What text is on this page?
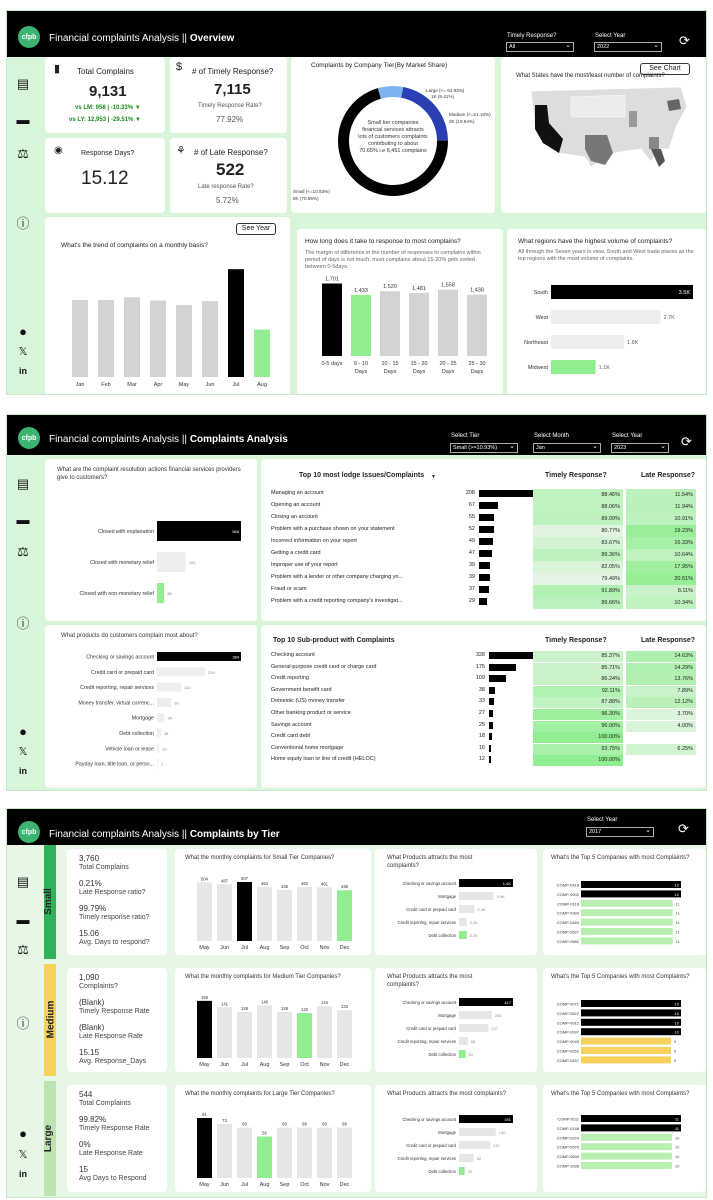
cfpb	Financial complaints Analysis || Overview	Timely Response?
All ⌄
Select Year
2022 ⌄	⟳
▤
▬
⚖
ⓘ
●
𝕏
in
▮ Total Complains
9,131
vs LM: 958 | -10.33% ▼
vs LY: 12,953 | -29.51% ▼
$ # of Timely Response?
7,115
Timely Response Rate?
77.92%
◉	Response Days?
15.12
⚘ # of Late Response?
522
Late response Rate?
5.72%
Complaints by Company Tier(By Market Share)
Large (<= 63.93%)
1K (9.41%)
Medium (<=21.10%)
2K (19.94%)
Small (<=10.93%)
6K (70.65%)
Small tier companies financial services attracts lots of customers complaints contributing to about 70.65% i.e 6,451 complains
See Chart
What States have the most/least number of complaints?
See Year
What's the trend of complaints on a monthly basis?
Jan	Feb	Mar	Apr	May	Jun	Jul	Aug
How long does it take to response to most complains?
The margin of difference in the number of responses to complains within period of days is not much, most complains about 15-20% gets sorted between 0-5days.
1,701
0-5 days
1,433
6 - 10
Days
1,520
10 - 15
Days
1,481
15 - 20
Days
1,558
20 - 25
Days
1,438
25 - 30
Days
What regions have the highest volume of complaints?
All through the Seven years in view, South and West trade places as the top regions with the most volume of complaints.
South	3.5K
West	2.7K
Northeast	1.8K
Midwest	1.1K
cfpb	Financial complaints Analysis || Complaints Analysis	Select Tier
Small (>=10.93%) ⌄
Select Month
Jan ⌄
Select Year
2023 ⌄	⟳
▤
▬
⚖
ⓘ
●
𝕏
in
What are the complaint resolution actions financial services providers give to customers?
Closed with explanation	565
Closed with monetary relief	193
Closed with non-monetary relief	48
What products do customers complain most about?
Checking or savings account	384
Credit card or prepaid card	219
Credit reporting, repair services	110
Money transfer, virtual currenc...	65
Mortgage	34
Debt collection 18
Vehicle loan or lease 10
Payday loan, title loan, or perso... 2
Top 10 most lodge Issues/Complaints ▼	Timely Response?	Late Response?
Managing an account	208	88.46%	11.54%
Opening an account	67	88.06%	11.94%
Closing an account	55	89.09%	10.91%
Problem with a purchase shown on your statement	52	80.77%	19.23%
Incorrect information on your report	49	83.67%	16.33%
Getting a credit card	47	89.36%	10.64%
Improper use of your report	39	82.05%	17.95%
Problem with a lender or other company charging yo...	39	79.49%	20.51%
Fraud or scam	37	91.89%	8.11%
Problem with a credit reporting company's investigat...	29	89.66%	10.34%
Top 10 Sub-product with Complaints	Timely Response?	Late Response?
Checking account	328	85.37%	14.63%
General-purpose credit card or charge card	175	85.71%	14.29%
Credit reporting	109	86.24%	13.76%
Government benefit card	38	92.11%	7.89%
Domestic (US) money transfer	33	87.88%	12.12%
Other banking product or service	27	96.30%	3.70%
Savings account	25	96.00%	4.00%
Credit card debt	18	100.00%
Conventional home mortgage	16	93.75%	6.25%
Home equity loan or line of credit (HELOC)	12	100.00%
cfpb	Financial complaints Analysis || Complaints by Tier
Select Year
2017 ⌄	⟳
▤
▬
⚖
ⓘ
●
𝕏
in
Small
3,760
Total Complains
0.21%
Late Response ratio?
99.79%
Timely response ratio?
15.06
Avg. Days to respond?
What the monthly complaints for Small Tier Companies?
504
May
487
Jun
507
Jul
464
Aug
438
Sep
463
Oct
461
Nov
436
Dec
What Products attracts the most complaints?
Checking or savings account	1.4K
Mortgage	0.9K
Credit card or prepaid card	0.4K
Credit reporting, repair services	0.2K
Debt collection	0.2K
What's the Top 5 Companies with most Complaints?
COMP-0418	12
COMP-0002	12
COMP-0118	11
COMP-0393	11
COMP-0483	11
COMP-0527	11
COMP-0682	11
Medium
1,090
Complaints?
(Blank)
Timely Response Rate
(Blank)
Late Response Rate
15.15
Avg. Response_Days
What the monthly complaints for Medium Tier Companies?
159
May
141
Jun
128
Jul
146
Aug
128
Sep
125
Oct
144
Nov
133
Dec
What Products attracts the most complaints?
Checking or savings account	417
Mortgage	253
Credit card or prepaid card	227
Credit reporting, repair services	68
Debt collection	51
What's the Top 5 Companies with most Complaints?
COMP-0071	10
COMP-0527	10
COMP-0912	10
COMP-0997	10
COMP-0040	9
COMP-0262	9
COMP-0457	9
Large
544
Total Complaints
99.82%
Timely Response Rate
0%
Late Response Rate
15
Avg Days to Respond
What the monthly complaints for Large Tier Companies?
81
May
73
Jun
68
Jul
56
Aug
68
Sep
68
Oct
68
Nov
68
Dec
What Products attracts the most complaints?
Checking or savings account	191
Mortgage	130
Credit card or prepaid card	110
Credit reporting, repair services	52
Debt collection	20
What's the Top 5 Companies with most Complaints?
COMP-0111	11
COMP-0148	11
COMP-0224	10
COMP-0576	10
COMP-0634	10
COMP-1036	10
